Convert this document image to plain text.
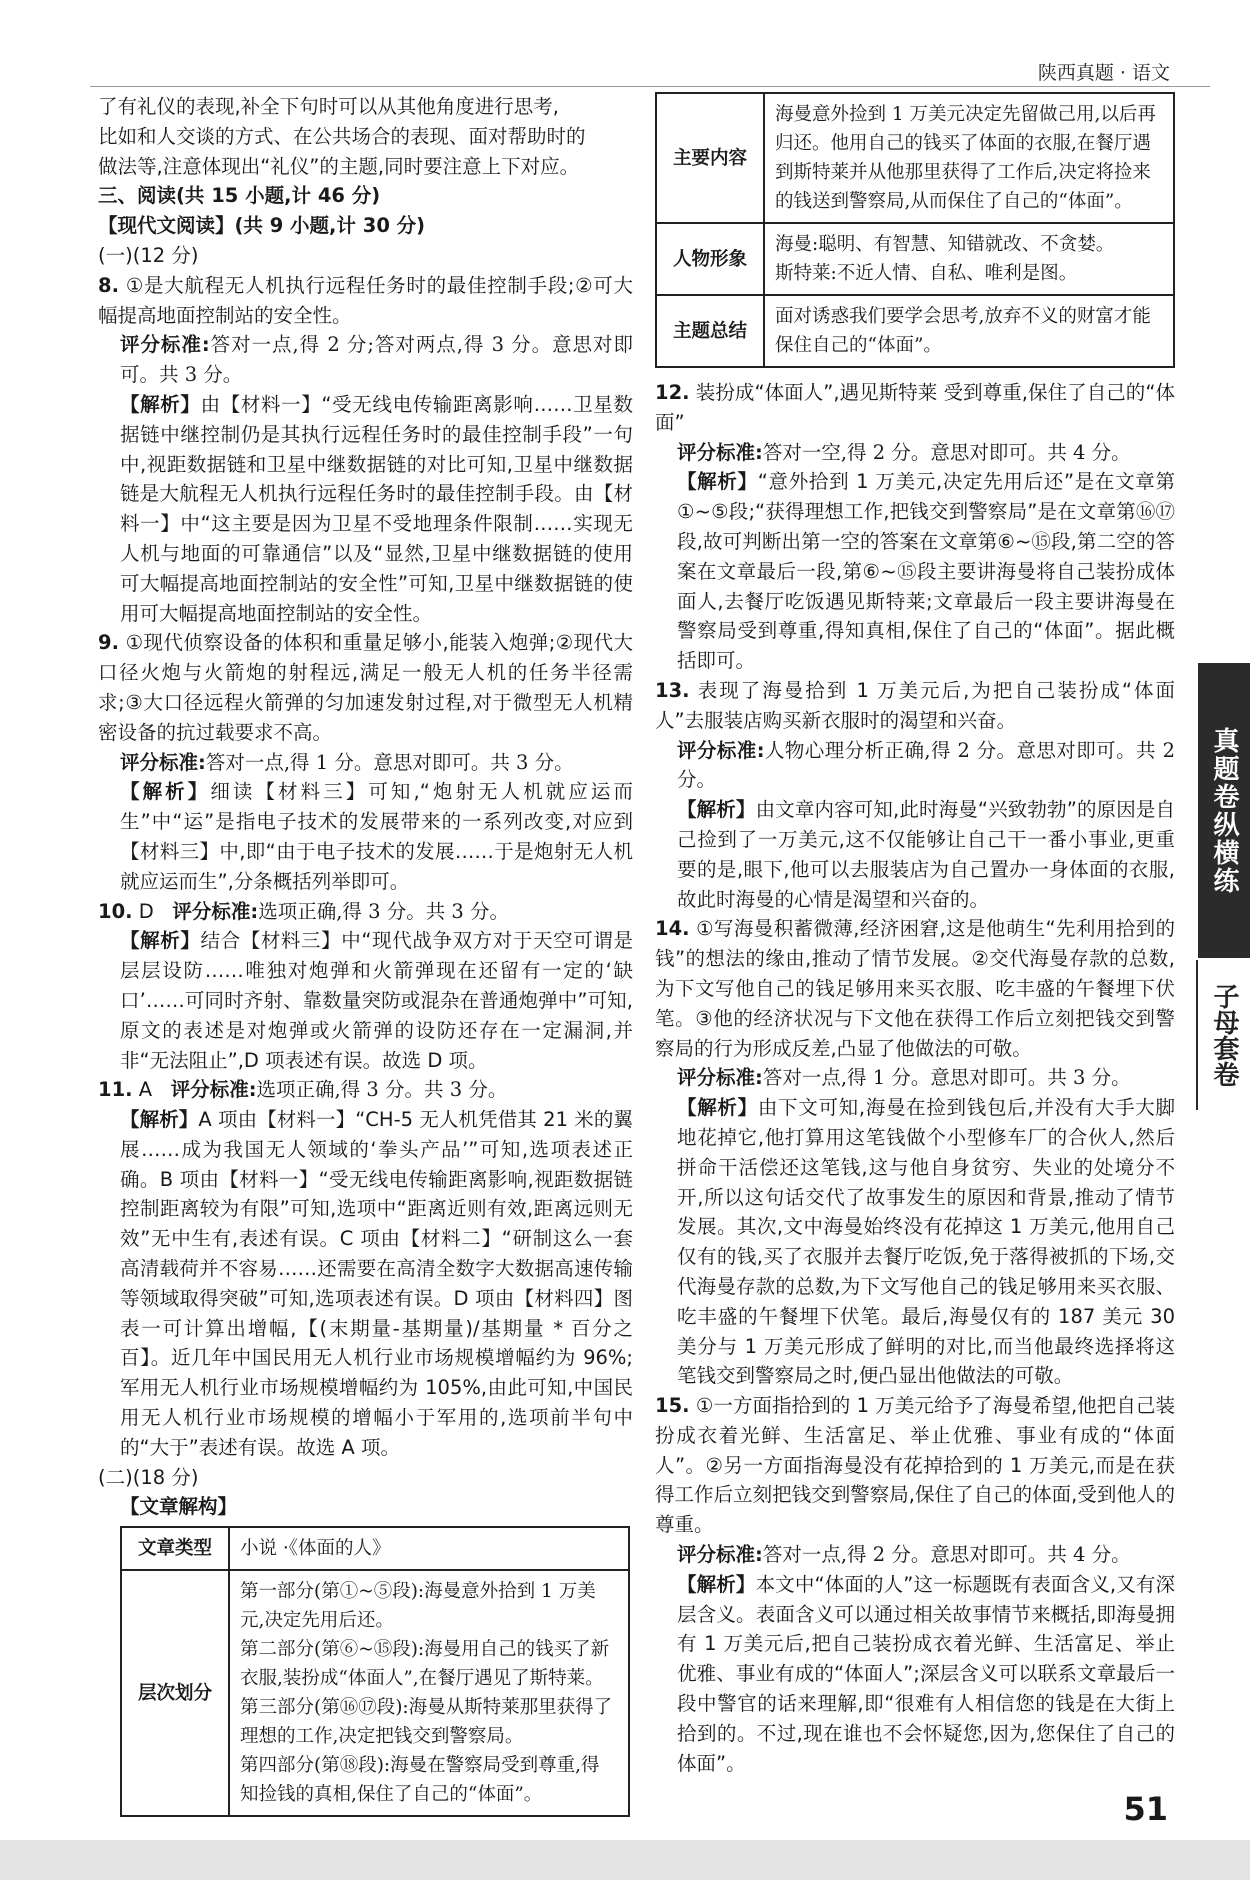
陕西真题 · 语文

了有礼仪的表现,补全下句时可以从其他角度进行思考,

比如和人交谈的方式、在公共场合的表现、面对帮助时的

做法等,注意体现出“礼仪”的主题,同时要注意上下对应。

三、阅读(共 15 小题,计 46 分)

【现代文阅读】(共 9 小题,计 30 分)

(一)(12 分)

8. ①是大航程无人机执行远程任务时的最佳控制手段;②可大幅提高地面控制站的安全性。

评分标准:答对一点,得 2 分;答对两点,得 3 分。意思对即可。共 3 分。

【解析】由【材料一】“受无线电传输距离影响……卫星数据链中继控制仍是其执行远程任务时的最佳控制手段”一句中,视距数据链和卫星中继数据链的对比可知,卫星中继数据链是大航程无人机执行远程任务时的最佳控制手段。由【材料一】中“这主要是因为卫星不受地理条件限制……实现无人机与地面的可靠通信”以及“显然,卫星中继数据链的使用可大幅提高地面控制站的安全性”可知,卫星中继数据链的使用可大幅提高地面控制站的安全性。

9. ①现代侦察设备的体积和重量足够小,能装入炮弹;②现代大口径火炮与火箭炮的射程远,满足一般无人机的任务半径需求;③大口径远程火箭弹的匀加速发射过程,对于微型无人机精密设备的抗过载要求不高。

评分标准:答对一点,得 1 分。意思对即可。共 3 分。

【解析】细读【材料三】可知,“炮射无人机就应运而生”中“运”是指电子技术的发展带来的一系列改变,对应到【材料三】中,即“由于电子技术的发展……于是炮射无人机就应运而生”,分条概括列举即可。

10. D 评分标准:选项正确,得 3 分。共 3 分。

【解析】结合【材料三】中“现代战争双方对于天空可谓是层层设防……唯独对炮弹和火箭弹现在还留有一定的‘缺口’……可同时齐射、靠数量突防或混杂在普通炮弹中”可知,原文的表述是对炮弹或火箭弹的设防还存在一定漏洞,并非“无法阻止”,D 项表述有误。故选 D 项。

11. A 评分标准:选项正确,得 3 分。共 3 分。

【解析】A 项由【材料一】“CH-5 无人机凭借其 21 米的翼展……成为我国无人领域的‘拳头产品’”可知,选项表述正确。B 项由【材料一】“受无线电传输距离影响,视距数据链控制距离较为有限”可知,选项中“距离近则有效,距离远则无效”无中生有,表述有误。C 项由【材料二】“研制这么一套高清载荷并不容易……还需要在高清全数字大数据高速传输等领域取得突破”可知,选项表述有误。D 项由【材料四】图表一可计算出增幅,【(末期量-基期量)/基期量 * 百分之百】。近几年中国民用无人机行业市场规模增幅约为 96%;军用无人机行业市场规模增幅约为 105%,由此可知,中国民用无人机行业市场规模的增幅小于军用的,选项前半句中的“大于”表述有误。故选 A 项。

(二)(18 分)

【文章解构】

文章类型	小说 ·《体面的人》
层次划分	第一部分(第①~⑤段):海曼意外拾到 1 万美元,决定先用后还。
第二部分(第⑥~⑮段):海曼用自己的钱买了新衣服,装扮成“体面人”,在餐厅遇见了斯特莱。
第三部分(第⑯⑰段):海曼从斯特莱那里获得了理想的工作,决定把钱交到警察局。
第四部分(第⑱段):海曼在警察局受到尊重,得知捡钱的真相,保住了自己的“体面”。
主要内容	海曼意外捡到 1 万美元决定先留做己用,以后再归还。他用自己的钱买了体面的衣服,在餐厅遇到斯特莱并从他那里获得了工作后,决定将捡来的钱送到警察局,从而保住了自己的“体面”。
人物形象	海曼:聪明、有智慧、知错就改、不贪婪。
斯特莱:不近人情、自私、唯利是图。

主题总结	面对诱惑我们要学会思考,放弃不义的财富才能保住自己的“体面”。

12. 装扮成“体面人”,遇见斯特莱 受到尊重,保住了自己的“体面”

评分标准:答对一空,得 2 分。意思对即可。共 4 分。

【解析】“意外拾到 1 万美元,决定先用后还”是在文章第①~⑤段;“获得理想工作,把钱交到警察局”是在文章第⑯⑰段,故可判断出第一空的答案在文章第⑥~⑮段,第二空的答案在文章最后一段,第⑥~⑮段主要讲海曼将自己装扮成体面人,去餐厅吃饭遇见斯特莱;文章最后一段主要讲海曼在警察局受到尊重,得知真相,保住了自己的“体面”。据此概括即可。

13. 表现了海曼拾到 1 万美元后,为把自己装扮成“体面人”去服装店购买新衣服时的渴望和兴奋。

评分标准:人物心理分析正确,得 2 分。意思对即可。共 2 分。

【解析】由文章内容可知,此时海曼“兴致勃勃”的原因是自己捡到了一万美元,这不仅能够让自己干一番小事业,更重要的是,眼下,他可以去服装店为自己置办一身体面的衣服,故此时海曼的心情是渴望和兴奋的。

14. ①写海曼积蓄微薄,经济困窘,这是他萌生“先利用拾到的钱”的想法的缘由,推动了情节发展。②交代海曼存款的总数,为下文写他自己的钱足够用来买衣服、吃丰盛的午餐埋下伏笔。③他的经济状况与下文他在获得工作后立刻把钱交到警察局的行为形成反差,凸显了他做法的可敬。

评分标准:答对一点,得 1 分。意思对即可。共 3 分。

【解析】由下文可知,海曼在捡到钱包后,并没有大手大脚地花掉它,他打算用这笔钱做个小型修车厂的合伙人,然后拼命干活偿还这笔钱,这与他自身贫穷、失业的处境分不开,所以这句话交代了故事发生的原因和背景,推动了情节发展。其次,文中海曼始终没有花掉这 1 万美元,他用自己仅有的钱,买了衣服并去餐厅吃饭,免于落得被抓的下场,交代海曼存款的总数,为下文写他自己的钱足够用来买衣服、吃丰盛的午餐埋下伏笔。最后,海曼仅有的 187 美元 30 美分与 1 万美元形成了鲜明的对比,而当他最终选择将这笔钱交到警察局之时,便凸显出他做法的可敬。

15. ①一方面指拾到的 1 万美元给予了海曼希望,他把自己装扮成衣着光鲜、生活富足、举止优雅、事业有成的“体面人”。②另一方面指海曼没有花掉拾到的 1 万美元,而是在获得工作后立刻把钱交到警察局,保住了自己的体面,受到他人的尊重。

评分标准:答对一点,得 2 分。意思对即可。共 4 分。

【解析】本文中“体面的人”这一标题既有表面含义,又有深层含义。表面含义可以通过相关故事情节来概括,即海曼拥有 1 万美元后,把自己装扮成衣着光鲜、生活富足、举止优雅、事业有成的“体面人”;深层含义可以联系文章最后一段中警官的话来理解,即“很难有人相信您的钱是在大街上拾到的。不过,现在谁也不会怀疑您,因为,您保住了自己的体面”。

真题卷纵横练
子母套卷
51
